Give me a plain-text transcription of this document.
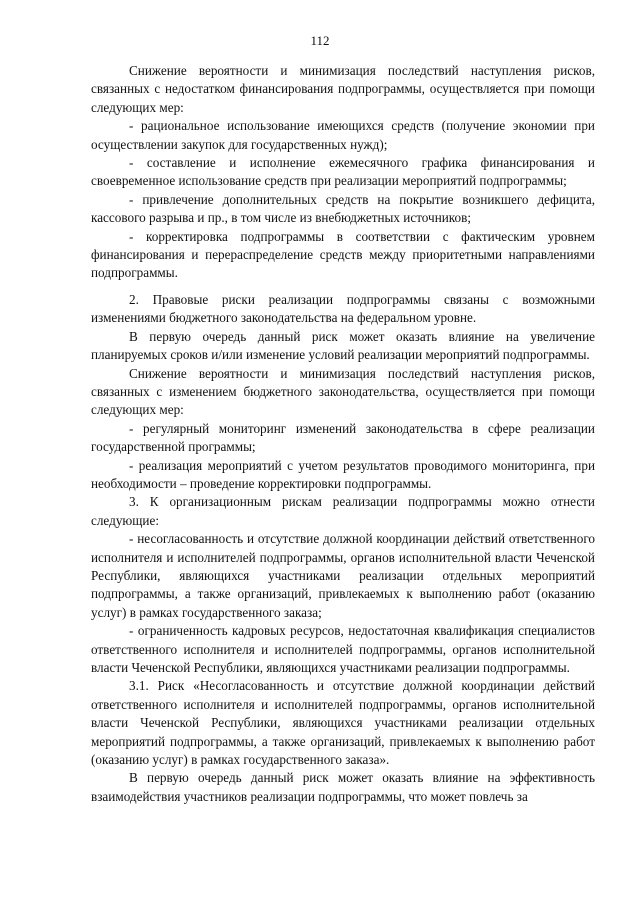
112

Снижение вероятности и минимизация последствий наступления рисков, связанных с недостатком финансирования подпрограммы, осуществляется при помощи следующих мер:

- рациональное использование имеющихся средств (получение экономии при осуществлении закупок для государственных нужд);

- составление и исполнение ежемесячного графика финансирования и своевременное использование средств при реализации мероприятий подпрограммы;

- привлечение дополнительных средств на покрытие возникшего дефицита, кассового разрыва и пр., в том числе из внебюджетных источников;

- корректировка подпрограммы в соответствии с фактическим уровнем финансирования и перераспределение средств между приоритетными направлениями подпрограммы.

2. Правовые риски реализации подпрограммы связаны с возможными изменениями бюджетного законодательства на федеральном уровне.

В первую очередь данный риск может оказать влияние на увеличение планируемых сроков и/или изменение условий реализации мероприятий подпрограммы.

Снижение вероятности и минимизация последствий наступления рисков, связанных с изменением бюджетного законодательства, осуществляется при помощи следующих мер:

- регулярный мониторинг изменений законодательства в сфере реализации государственной программы;

- реализация мероприятий с учетом результатов проводимого мониторинга, при необходимости – проведение корректировки подпрограммы.

3. К организационным рискам реализации подпрограммы можно отнести следующие:

- несогласованность и отсутствие должной координации действий ответственного исполнителя и исполнителей подпрограммы, органов исполнительной власти Чеченской Республики, являющихся участниками реализации отдельных мероприятий подпрограммы, а также организаций, привлекаемых к выполнению работ (оказанию услуг) в рамках государственного заказа;

- ограниченность кадровых ресурсов, недостаточная квалификация специалистов ответственного исполнителя и исполнителей подпрограммы, органов исполнительной власти Чеченской Республики, являющихся участниками реализации подпрограммы.

3.1. Риск «Несогласованность и отсутствие должной координации действий ответственного исполнителя и исполнителей подпрограммы, органов исполнительной власти Чеченской Республики, являющихся участниками реализации отдельных мероприятий подпрограммы, а также организаций, привлекаемых к выполнению работ (оказанию услуг) в рамках государственного заказа».

В первую очередь данный риск может оказать влияние на эффективность взаимодействия участников реализации подпрограммы, что может повлечь за
